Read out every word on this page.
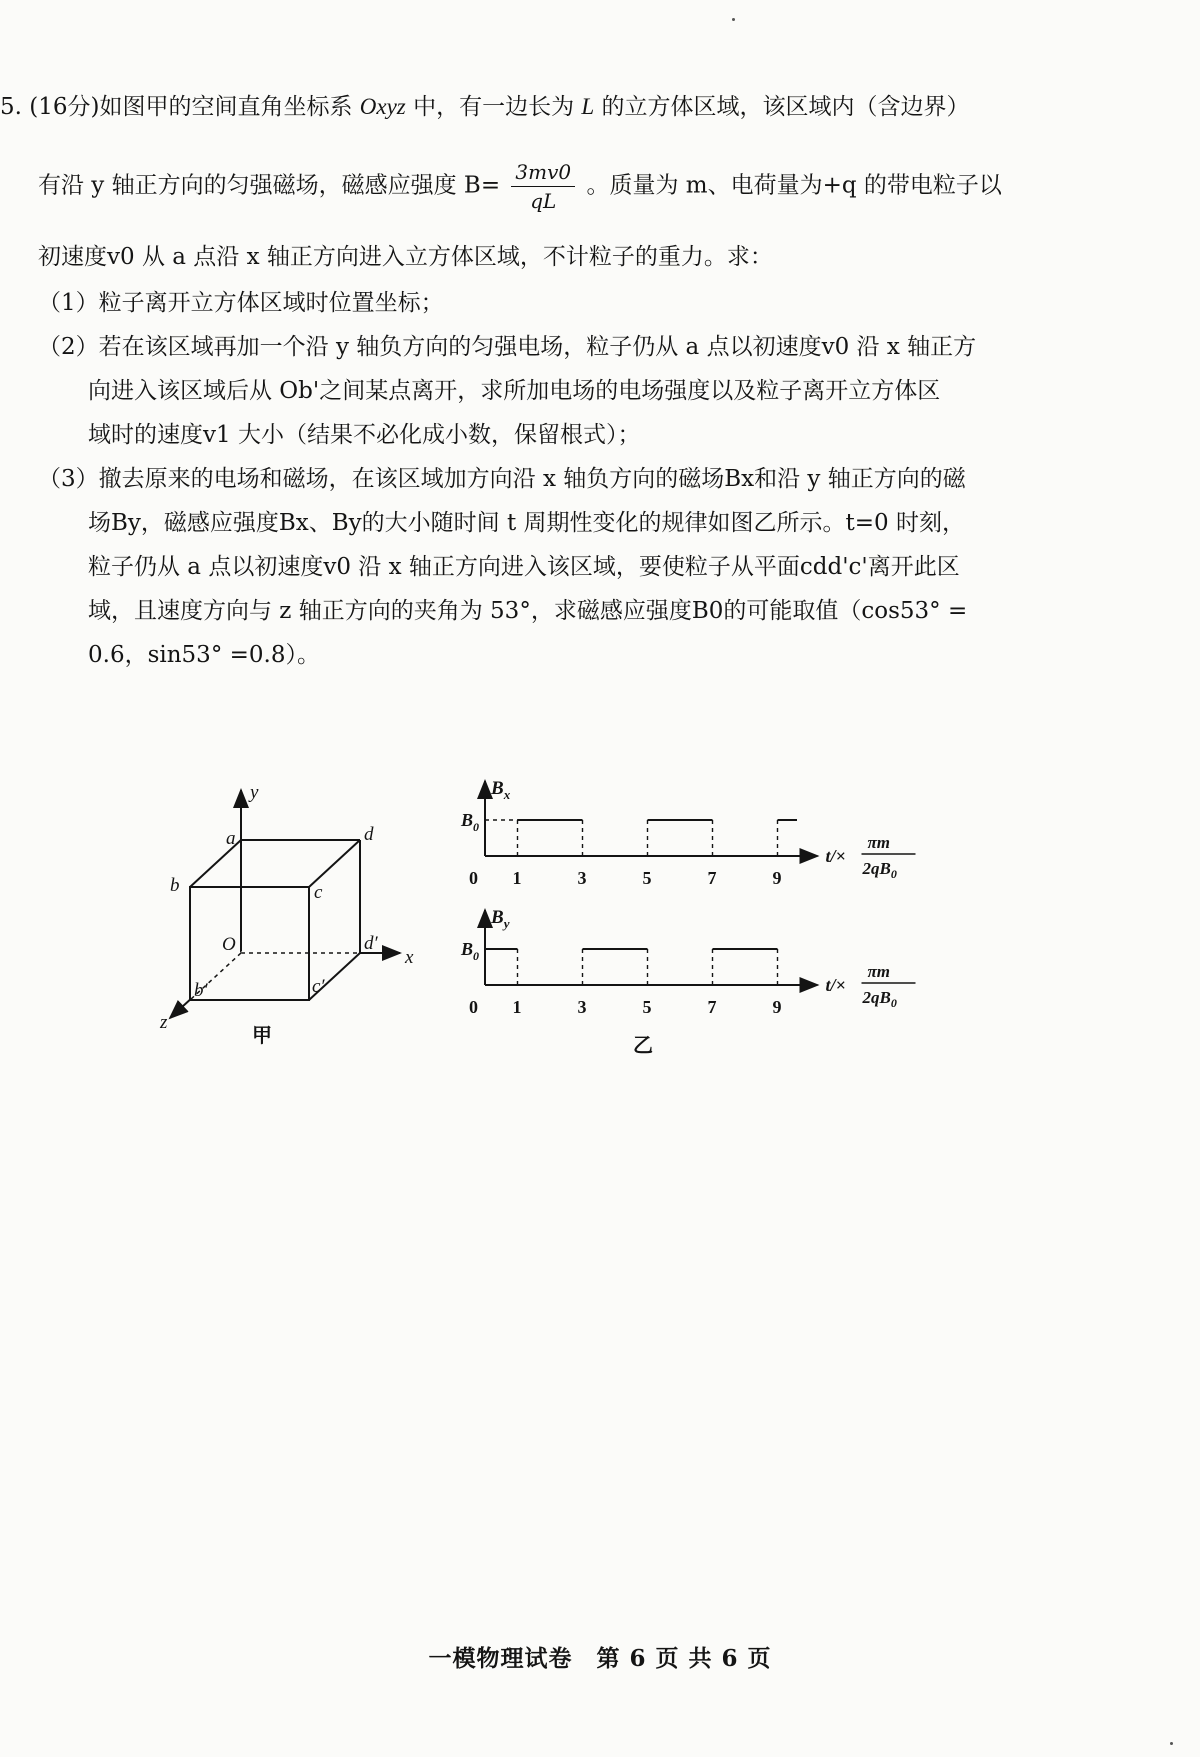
5. (16分)如图甲的空间直角坐标系 Oxyz 中，有一边长为 L 的立方体区域，该区域内（含边界）
有沿 y 轴正方向的匀强磁场，磁感应强度 $B= \frac{3mv0}{qL}$ 。质量为 m、电荷量为+q 的带电粒子以
初速度v0 从 a 点沿 x 轴正方向进入立方体区域，不计粒子的重力。求：
（1）粒子离开立方体区域时位置坐标；
（2）若在该区域再加一个沿 y 轴负方向的匀强电场，粒子仍从 a 点以初速度v0 沿 x 轴正方
向进入该区域后从 Ob'之间某点离开，求所加电场的电场强度以及粒子离开立方体区
域时的速度v1 大小（结果不必化成小数，保留根式）；
（3）撤去原来的电场和磁场，在该区域加方向沿 x 轴负方向的磁场Bx和沿 y 轴正方向的磁
场By，磁感应强度Bx、By的大小随时间 t 周期性变化的规律如图乙所示。t=0 时刻，
粒子仍从 a 点以初速度v0 沿 x 轴正方向进入该区域，要使粒子从平面cdd'c'离开此区
域，且速度方向与 z 轴正方向的夹角为 53°，求磁感应强度B0的可能取值（cos53° =
0.6，sin53° =0.8）。
y
x
z
O
a	d
b	c
d′
b′	c′
甲
$B_x$
$B_0$
0 1	3	5	7	9
t/×
πm
$2qB_0$
$B_y$
$B_0$
0 1	3	5	7	9
t/×
πm
$2qB_0$
乙
一模物理试卷　第 6 页 共 6 页
